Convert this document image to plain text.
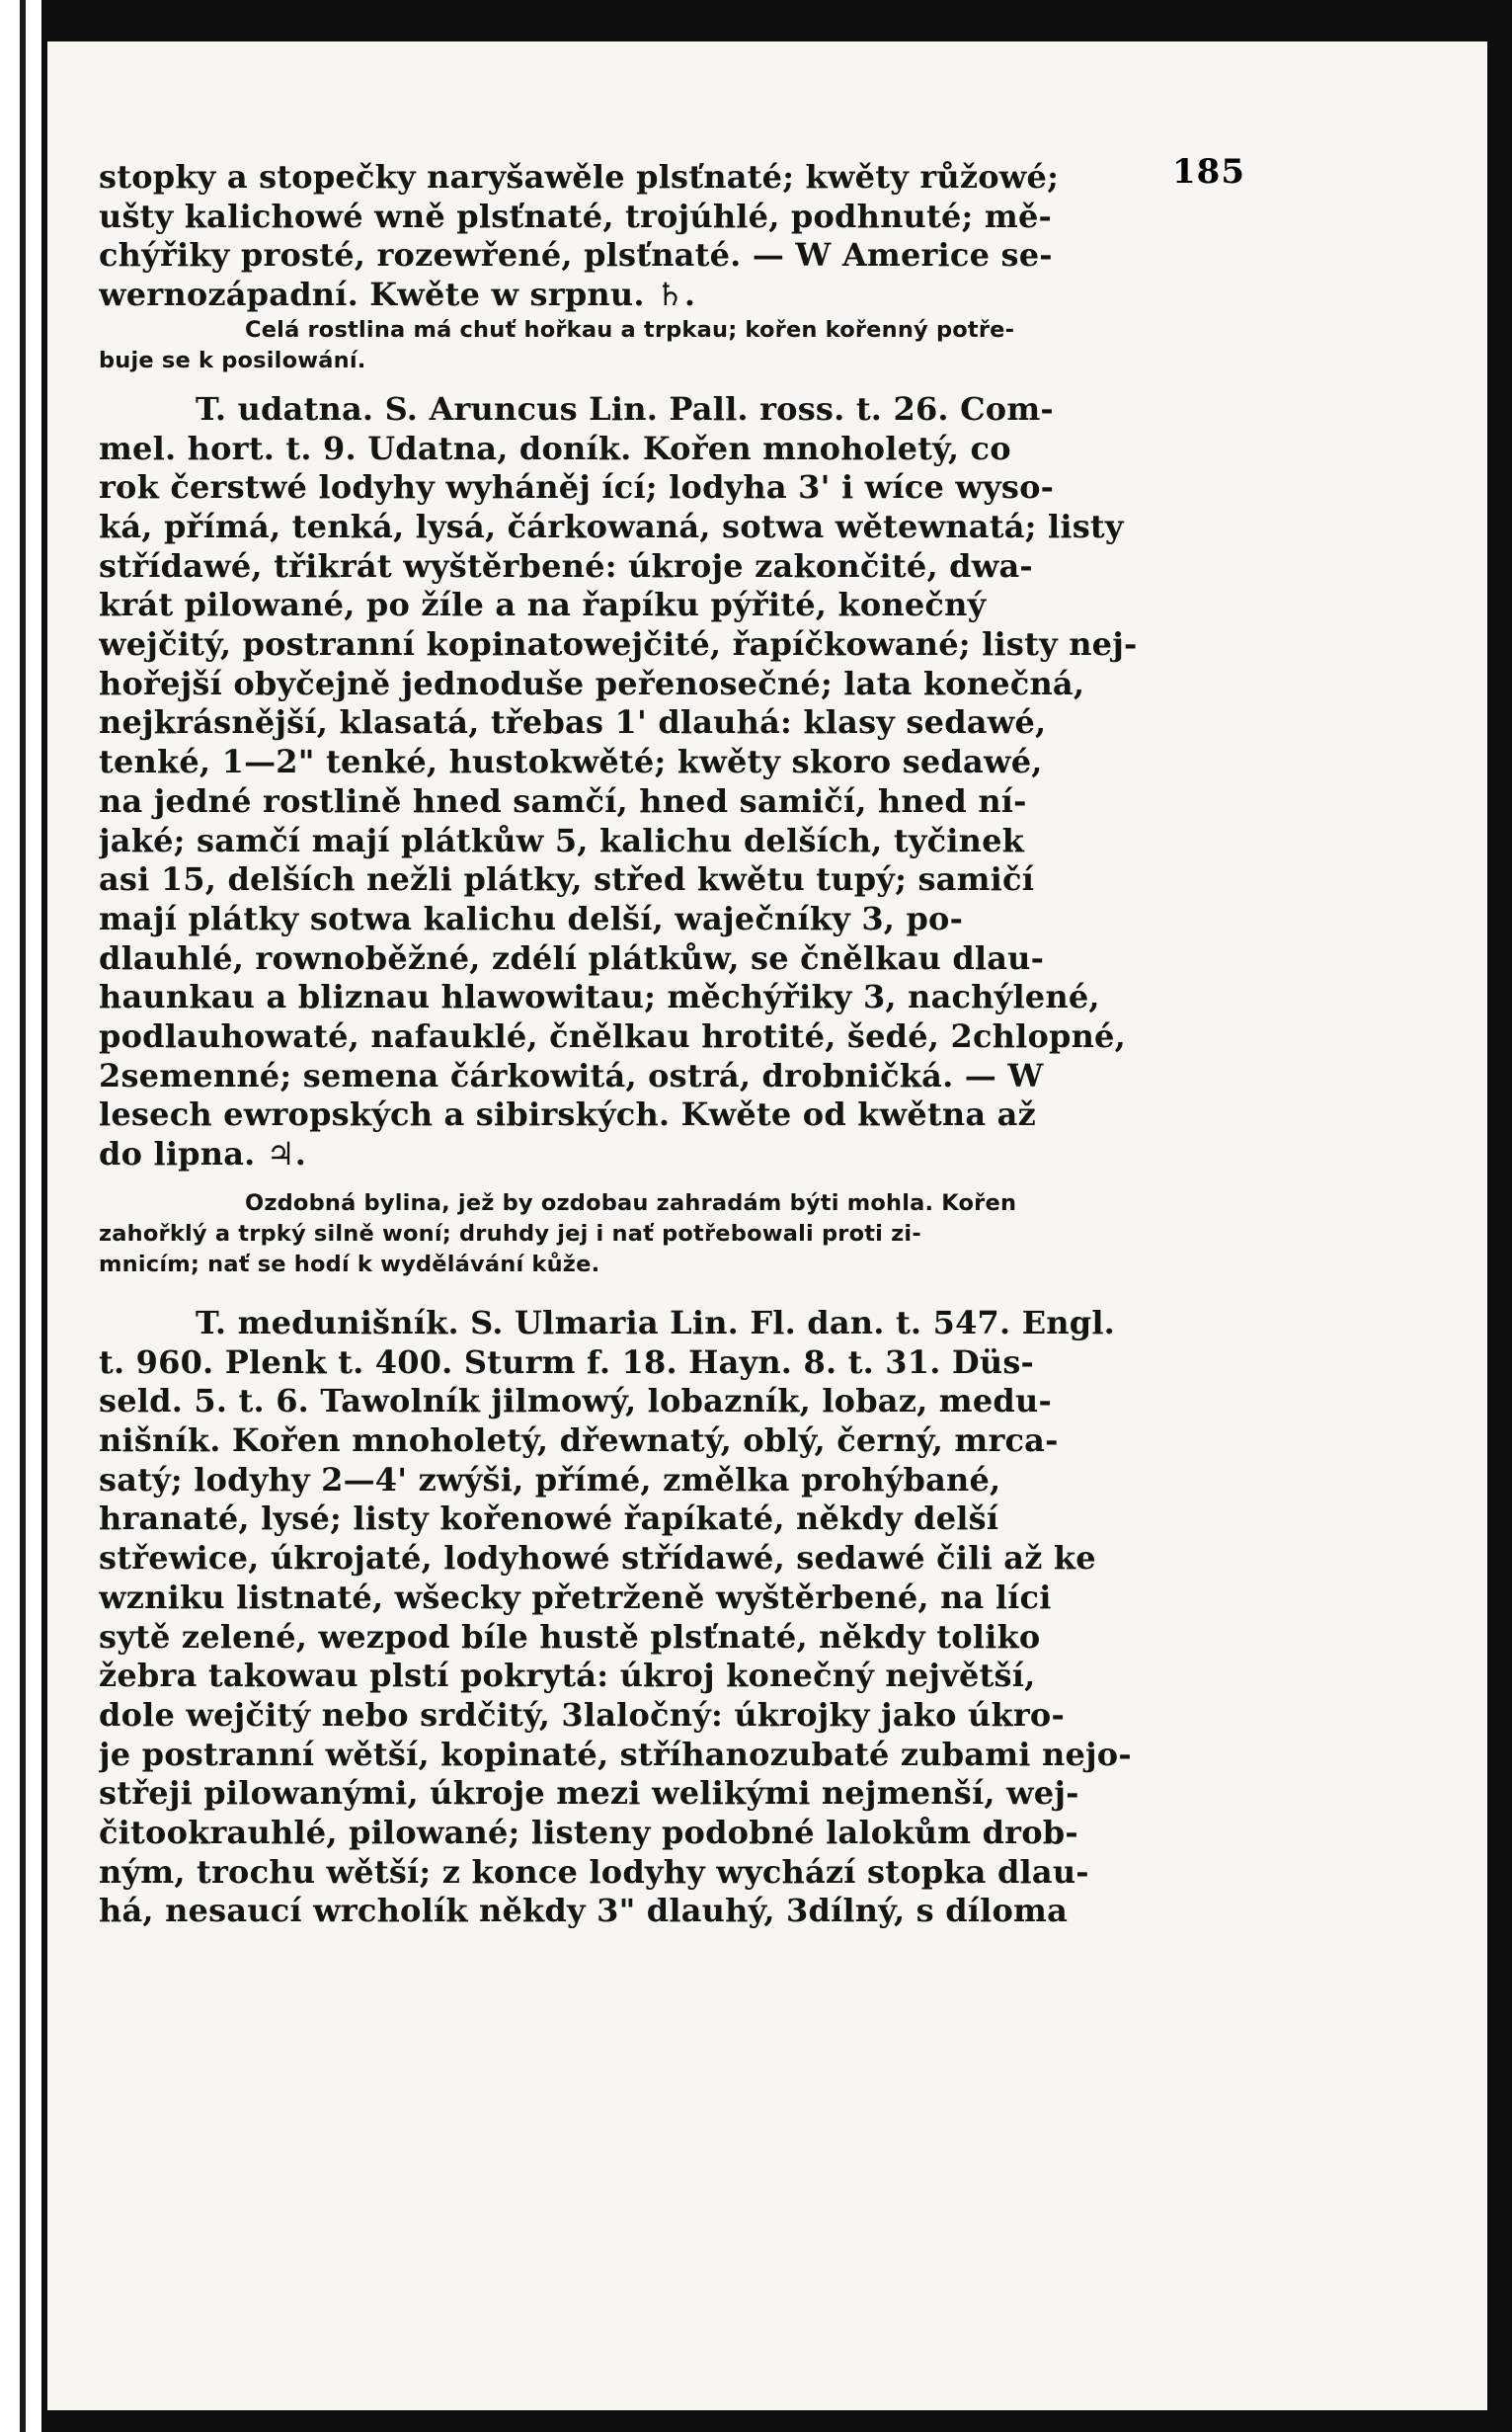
185
stopky a stopečky naryšawěle plsťnaté; kwěty růžowé;
ušty kalichowé wně plsťnaté, trojúhlé, podhnuté; mě-
chýřiky prosté, rozewřené, plsťnaté. — W Americe se-
wernozápadní. Kwěte w srpnu. ♄.
Celá rostlina má chuť hořkau a trpkau; kořen kořenný potře-
buje se k posilowání.
T. udatna. S. Aruncus Lin. Pall. ross. t. 26. Com-
mel. hort. t. 9. Udatna, doník. Kořen mnoholetý, co
rok čerstwé lodyhy wyháněj ící; lodyha 3' i wíce wyso-
ká, přímá, tenká, lysá, čárkowaná, sotwa wětewnatá; listy
střídawé, třikrát wyštěrbené: úkroje zakončité, dwa-
krát pilowané, po žíle a na řapíku pýřité, konečný
wejčitý, postranní kopinatowejčité, řapíčkowané; listy nej-
hořejší obyčejně jednoduše peřenosečné; lata konečná,
nejkrásnější, klasatá, třebas 1' dlauhá: klasy sedawé,
tenké, 1—2" tenké, hustokwěté; kwěty skoro sedawé,
na jedné rostlině hned samčí, hned samičí, hned ní-
jaké; samčí mají plátkůw 5, kalichu delších, tyčinek
asi 15, delších nežli plátky, střed kwětu tupý; samičí
mají plátky sotwa kalichu delší, waječníky 3, po-
dlauhlé, rownoběžné, zdélí plátkůw, se čnělkau dlau-
haunkau a bliznau hlawowitau; měchýřiky 3, nachýlené,
podlauhowaté, nafauklé, čnělkau hrotité, šedé, 2chlopné,
2semenné; semena čárkowitá, ostrá, drobničká. — W
lesech ewropských a sibirských. Kwěte od kwětna až
do lipna. ♃.
Ozdobná bylina, jež by ozdobau zahradám býti mohla. Kořen
zahořklý a trpký silně woní; druhdy jej i nať potřebowali proti zi-
mnicím; nať se hodí k wydělávání kůže.
T. medunišník. S. Ulmaria Lin. Fl. dan. t. 547. Engl.
t. 960. Plenk t. 400. Sturm f. 18. Hayn. 8. t. 31. Düs-
seld. 5. t. 6. Tawolník jilmowý, lobazník, lobaz, medu-
nišník. Kořen mnoholetý, dřewnatý, oblý, černý, mrca-
satý; lodyhy 2—4' zwýši, přímé, změlka prohýbané,
hranaté, lysé; listy kořenowé řapíkaté, někdy delší
střewice, úkrojaté, lodyhowé střídawé, sedawé čili až ke
wzniku listnaté, wšecky přetrženě wyštěrbené, na líci
sytě zelené, wezpod bíle hustě plsťnaté, někdy toliko
žebra takowau plstí pokrytá: úkroj konečný největší,
dole wejčitý nebo srdčitý, 3laločný: úkrojky jako úkro-
je postranní wětší, kopinaté, stříhanozubaté zubami nejo-
střeji pilowanými, úkroje mezi welikými nejmenší, wej-
čitookrauhlé, pilowané; listeny podobné lalokům drob-
ným, trochu wětší; z konce lodyhy wychází stopka dlau-
há, nesaucí wrcholík někdy 3" dlauhý, 3dílný, s díloma
